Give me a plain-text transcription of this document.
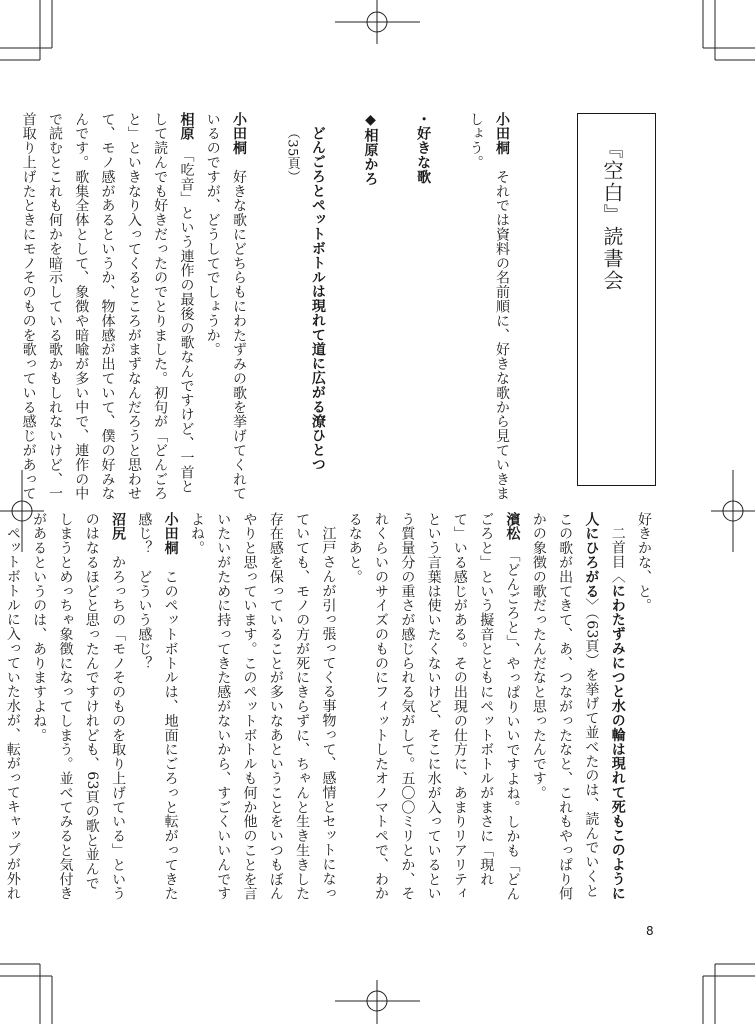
『空白』読書会
小田桐　それでは資料の名前順に、好きな歌から見ていきま
しょう。

・好きな歌

◆相原かろ

どんごろとペットボトルは現れて道に広がる潦ひとつ
（35頁）

小田桐　好きな歌にどちらもにわたずみの歌を挙げてくれて
いるのですが、どうしてでしょうか。
相原　「吃音」という連作の最後の歌なんですけど、一首と
して読んでも好きだったのでとりました。初句が「どんごろ
と」といきなり入ってくるところがまずなんだろうと思わせ
て、モノ感があるというか、物体感が出ていて、僕の好みな
んです。歌集全体として、象徴や暗喩が多い中で、連作の中
で読むとこれも何かを暗示している歌かもしれないけど、一
首取り上げたときにモノそのものを歌っている感じがあって
好きかな、と。
二首目〈にわたずみにつと水の輪は現れて死もこのように
人にひろがる〉（63頁）を挙げて並べたのは、読んでいくと
この歌が出てきて、あ、つながったなと、これもやっぱり何
かの象徴の歌だったんだなと思ったんです。
濱松　「どんごろと」、やっぱりいいですよね。しかも「どん
ごろと」という擬音とともにペットボトルがまさに「現れ
て」いる感じがある。その出現の仕方に、あまりリアリティ
という言葉は使いたくないけど、そこに水が入っているとい
う質量分の重さが感じられる気がして。五〇〇ミリとか、そ
れくらいのサイズのものにフィットしたオノマトペで、わか
るなあと。
江戸さんが引っ張ってくる事物って、感情とセットになっ
ていても、モノの方が死にきらずに、ちゃんと生き生きした
存在感を保っていることが多いなあということをいつもぼん
やりと思っています。このペットボトルも何か他のことを言
いたいがために持ってきた感がないから、すごくいいんです
よね。
小田桐　このペットボトルは、地面にごろっと転がってきた
感じ？　どういう感じ？
沼尻　かろっちの「モノそのものを取り上げている」という
のはなるほどと思ったんですけれども、63頁の歌と並んで
しまうとめっちゃ象徴になってしまう。並べてみると気付き
があるというのは、ありますよね。
ペットボトルに入っていた水が、転がってキャップが外れ
8
